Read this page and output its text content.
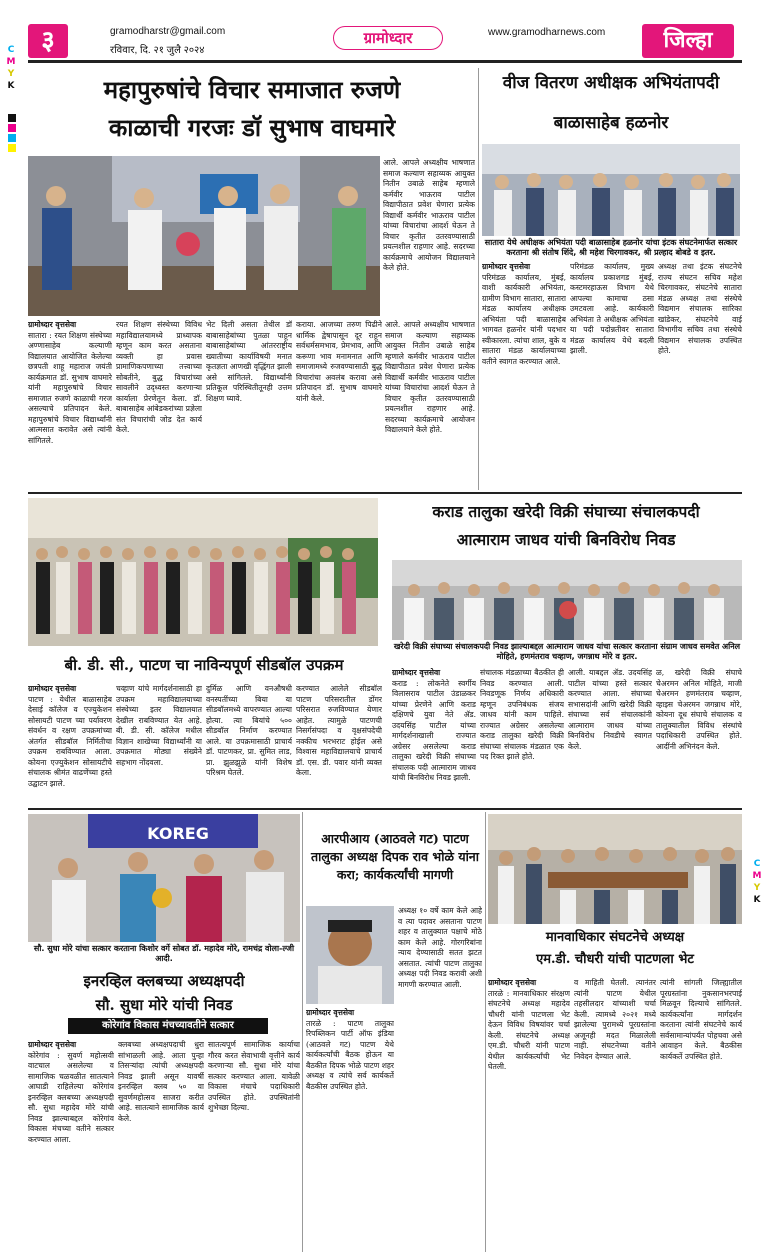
C
M
Y
K
C
M
Y
K
३	gramodharstr@gmail.com
रविवार, दि. २१ जुलै २०२४
ग्रामोध्दार	www.gramodharnews.com	जिल्हा
महापुरुषांचे विचार समाजात रुजणे
काळाची गरजः डॉ सुभाष वाघमारे
आले. आपले अध्यक्षीय भाषणात समाज कल्याण सहाय्यक आयुक्त नितीन उबाळे साहेब म्हणाले कर्मवीर भाऊराव पाटील विद्यापीठात प्रवेश घेणारा प्रत्येक विद्यार्थी कर्मवीर भाऊराव पाटील यांच्या विचारांचा आदर्श घेऊन ते विचार कृतीत उतरवण्यासाठी प्रयत्नशील राहणार आहे. सदरच्या कार्यक्रमाचे आयोजन विद्यालयाने केले होते.
ग्रामोध्दार वृत्तसेवा
सातारा : रयत शिक्षण संस्थेच्या अण्णासाहेब कल्याणी विद्यालयात आयोजित केलेल्या छत्रपती शाहू महाराज जयंती कार्यक्रमात डॉ. सुभाष वाघमारे यांनी महापुरुषांचे विचार समाजात रुजणे काळाची गरज असल्याचे प्रतिपादन केले. महापुरुषांचे विचार विद्यार्थ्यांनी आत्मसात करावेत असे त्यांनी सांगितले.
रयत शिक्षण संस्थेच्या विविध महाविद्यालयामध्ये प्राध्यापक म्हणून काम करत असताना व्यक्ती हा प्रवास प्रामाणिकपणाच्या तत्त्वाच्या सोबतीने, बुद्ध विचारांच्या सावलीने उद्ध्वस्त करणाऱ्या कार्याला प्रेरणेतून केला. डॉ. बाबासाहेब आंबेडकरांच्या प्रज्ञेला संत विचारांची जोड देत कार्य केले.
भेट दिली असता तेथील डॉ बाबासाहेबांच्या पुतळा पाहून बाबासाहेबांच्या आंतरराष्ट्रीय ख्यातीच्या कार्याविषयी मनात कृतज्ञता आणखी वृद्धिंगत झाली असे सांगितले. विद्यार्थ्यांनी प्रतिकूल परिस्थितीतूनही उत्तम शिक्षण घ्यावे.
कराया. आजच्या तरुण पिढीने धार्मिक द्वेषापासून दूर राहून सर्वधर्मसमभाव, प्रेमभाव, आणि करूणा भाव मनामनात आणि समाजामध्ये रुजवण्यासाठी बुद्ध विचारांचा अवलंब करावा असे प्रतिपादन डॉ. सुभाष वाघमारे यांनी केले.
आले. आपले अध्यक्षीय भाषणात समाज कल्याण सहाय्यक आयुक्त नितीन उबाळे साहेब म्हणाले कर्मवीर भाऊराव पाटील विद्यापीठात प्रवेश घेणारा प्रत्येक विद्यार्थी कर्मवीर भाऊराव पाटील यांच्या विचारांचा आदर्श घेऊन ते विचार कृतीत उतरवण्यासाठी प्रयत्नशील राहणार आहे. सदरच्या कार्यक्रमाचे आयोजन विद्यालयाने केले होते.
वीज वितरण अधीक्षक अभियंतापदी
बाळासाहेब हळनोर
सातारा येथे अधीक्षक अभियंता पदी बाळासाहेब हळनोर यांचा इंटक संघटनेमार्फत सत्कार करताना श्री संतोष शिंदे, श्री महेश चिरगावकर, श्री प्रल्हाद बोबडे व इतर.
ग्रामोध्दार वृत्तसेवा
परिमंडळ कार्यालय, मुंबई, वाशी कार्यकारी अभियंता, ग्रामीण विभाग सातारा, सातारा मंडळ कार्यालय अधीक्षक अभियंता पदी बाळासाहेब भागवत हळनोर यांनी पदभार स्वीकारला. त्यांचा शाल, बुके व सातारा मंडळ कार्यालयाच्या वतीने स्वागत करण्यात आले.
परिमंडळ कार्यालय, मुख्य कार्यालय प्रकाशगड मुंबई, कस्टमरहाऊस विभाग येथे आपल्या कामाचा ठसा उमटवला आहे. कार्यकारी अभियंता ते अधीक्षक अभियंता या पदी पदोन्नतीवर सातारा मंडळ कार्यालय येथे बदली झाली.
अध्यक्ष तथा इंटक संघटनेचे राज्य संघटन सचिव महेश चिरगावकर, संघटनेचे सातारा मंडळ अध्यक्ष तथा संस्थेचे विद्यमान संचालक सारिका खांडेकर, संघटनेचे वाई विभागीय सचिव तथा संस्थेचे विद्यमान संचालक उपस्थित होते.
कराड तालुका खरेदी विक्री संघाच्या संचालकपदी
आत्माराम जाधव यांची बिनविरोध निवड
खरेदी विक्री संघाच्या संचालकपदी निवड झाल्याबद्दल आत्माराम जाधव यांचा सत्कार करताना संग्राम जाधव समवेत अनिल मोहिते, हणमंतराव चव्हाण, जगन्नाथ मोरे व इतर.
बी. डी. सी., पाटण चा नाविन्यपूर्ण सीडबॉल उपक्रम
ग्रामोध्दार वृत्तसेवा
पाटण : येथील बाळासाहेब देसाई कॉलेज व एज्युकेशन सोसायटी पाटण च्या पर्यावरण संवर्धन व रक्षण उपक्रमांच्या अंतर्गत सीडबॉल निर्मितीचा उपक्रम राबविण्यात आला. कोयना एज्युकेशन सोसायटीचे संचालक श्रीमंत वाढणेंच्या हस्ते उद्घाटन झाले.
चव्हाण यांचे मार्गदर्शनासाठी हा उपक्रम महाविद्यालयाच्या संस्थेच्या इतर विद्यालयात देखील राबविण्यात येत आहे. बी. डी. सी. कॉलेज मधील विज्ञान शाखेच्या विद्यार्थ्यांनी या उपक्रमात मोठ्या संख्येने सहभाग नोंदवला.
दुर्मिळ आणि वनऔषधी वनस्पतींच्या बिया या सीडबॉलमध्ये वापरण्यात आल्या होत्या. त्या बियांचे ५०० सीडबॉल निर्माण करण्यात आले. या उपक्रमासाठी प्राचार्य डॉ. पाटणकर, प्रा. सुमित लाड, प्रा. झुळझुळे यांनी विशेष परिश्रम घेतले.
करण्यात आलेले सीडबॉल पाटण परिसरातील डोंगर परिसरात रुजविण्यात येणार आहेत. त्यामुळे पाटणची निसर्गसंपदा व वृक्षसंपदेची नक्कीच भरभराट होईल असे विश्वास महाविद्यालयाचे प्राचार्य डॉ. एस. डी. पवार यांनी व्यक्त केला.
ग्रामोध्दार वृत्तसेवा
कराड : लोकनेते स्वर्गीय विलासराव पाटील उंडाळकर यांच्या प्रेरणेने आणि कराड दक्षिणचे युवा नेते ॲड. उदयसिंह पाटील यांच्या मार्गदर्शनाखाली राज्यात अग्रेसर असलेल्या कराड तालुका खरेदी विक्री संघाच्या संचालक पदी आत्माराम जाधव यांची बिनविरोध निवड झाली.
संचालक मंडळाच्या बैठकीत ही निवड करण्यात आली. निवडणूक निर्णय अधिकारी म्हणून उपनिबंधक संजय जाधव यांनी काम पाहिले. राज्यात अग्रेसर असलेल्या कराड तालुका खरेदी विक्री संघाच्या संचालक मंडळात एक पद रिक्त झाले होते.
आली. याबद्दल ॲड. उदयसिंह पाटील यांच्या हस्ते सत्कार करण्यात आला. संघाच्या सभासदांनी आणि खरेदी विक्री संघाच्या सर्व संचालकांनी आत्माराम जाधव यांच्या बिनविरोध निवडीचे स्वागत केले.
ळ, खरेदी विक्री संघाचे चेअरमन अनिल मोहिते, माजी चेअरमन हणमंतराव चव्हाण, व्हाइस चेअरमन जगन्नाथ मोरे, कोयना दूध संघाचे संचालक व तालुक्यातील विविध संस्थांचे पदाधिकारी उपस्थित होते. आदींनी अभिनंदन केले.
KOREG
सौ. सुधा मोरे यांचा सत्कार करताना किशोर वर्गे सोबत डॉ. महादेव मोरे, रामचंद्र वोला-ल्जी आदी.
आरपीआय (आठवले गट) पाटण तालुका अध्यक्ष दिपक राव भोळे यांना करा; कार्यकर्त्यांची मागणी
ग्रामोध्दार वृत्तसेवा
तारळे : पाटण तालुका रिपब्लिकन पार्टी ऑफ इंडिया (आठवले गट) पाटण येथे कार्यकर्त्यांची बैठक होऊन या बैठकीत दिपक भोळे पाटण शहर अध्यक्ष व त्यांचे सर्व कार्यकर्ते बैठकीस उपस्थित होते.
अध्यक्ष १० वर्षे काम केले आहे व त्या पदावर असताना पाटण शहर व तालुक्यात पक्षाचे मोठे काम केले आहे. गोरगरिबांना न्याय देण्यासाठी सतत झटत असतात. त्यांची पाटण तालुका अध्यक्ष पदी निवड करावी अशी मागणी करण्यात आली.
इनरव्हिल क्लबच्या अध्यक्षपदी
सौ. सुधा मोरे यांची निवड
कोरेगांव विकास मंचच्यावतीने सत्कार
ग्रामोध्दार वृत्तसेवा
कोरेगांव : सुवर्ण महोत्सवी वाटचाल असलेल्या व सामाजिक चळवळीत सातत्याने आघाडी राहिलेल्या कोरेगांव इनरव्हिल क्लबच्या अध्यक्षपदी सौ. सुधा महादेव मोरे यांची निवड झाल्याबद्दल कोरेगांव विकास मंचच्या वतीने सत्कार करण्यात आला.
क्लबच्या अध्यक्षपदाची धुरा सांभाळली आहे. आता पुन्हा तिसऱ्यांदा त्यांची अध्यक्षपदी निवड झाली असून यावर्षी इनरव्हिल क्लब ५० वा सुवर्णमहोत्सव साजरा करीत आहे. सातत्याने सामाजिक कार्य केले.
सातत्यपूर्ण सामाजिक कार्याचा गौरव करत सेवाभावी वृत्तीने कार्य करणाऱ्या सौ. सुधा मोरे यांचा सत्कार करण्यात आला. यावेळी विकास मंचाचे पदाधिकारी उपस्थित होते. उपस्थितांनी शुभेच्छा दिल्या.
मानवाधिकार संघटनेचे अध्यक्ष
एम.डी. चौधरी यांची पाटणला भेट
ग्रामोध्दार वृत्तसेवा
तारळे : मानवाधिकार संरक्षण संघटनेचे अध्यक्ष महादेव चौधरी यांनी पाटणला भेट देऊन विविध विषयांवर चर्चा केली. संघटनेचे अध्यक्ष एम.डी. चौधरी यांनी पाटण येथील कार्यकर्त्यांची भेट घेतली.
व माहिती घेतली. त्यानंतर त्यांनी पाटण येथील तहसीलदार यांच्याशी चर्चा केली. त्यामध्ये २०२१ मध्ये झालेल्या पुरामध्ये पूरग्रस्तांना अजूनही मदत मिळालेली नाही. संघटनेच्या वतीने निवेदन देण्यात आले.
त्यांनी सांगली जिल्ह्यातील पूरग्रस्तांना नुकसानभरपाई मिळवून दिल्याचे सांगितले. कार्यकर्त्यांना मार्गदर्शन करताना त्यांनी संघटनेचे कार्य सर्वसामान्यांपर्यंत पोहचवा असे आवाहन केले. बैठकीस कार्यकर्ते उपस्थित होते.
